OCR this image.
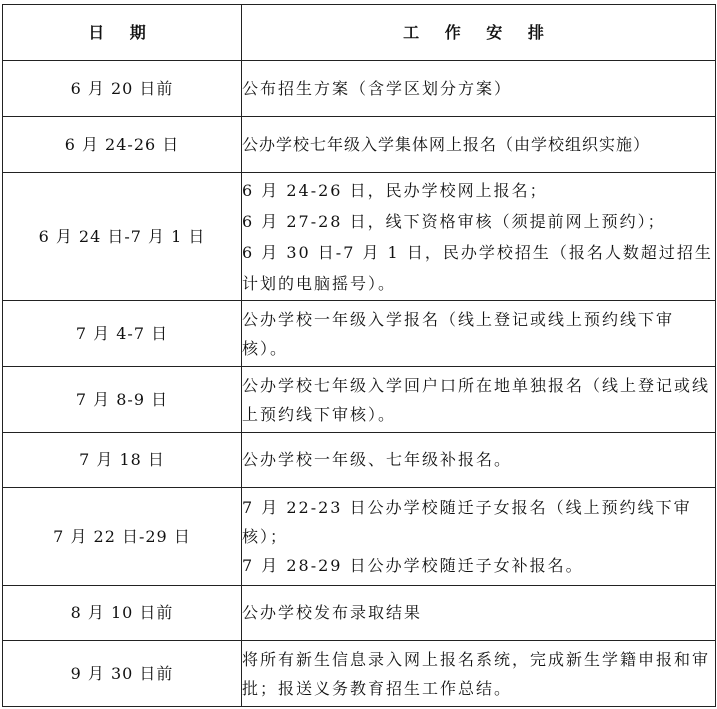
日 期	工 作 安 排
6 月 20 日前	公布招生方案（含学区划分方案）

6 月 24-26 日	公办学校七年级入学集体网上报名（由学校组织实施）

6 月 24 日-7 月 1 日	6 月 24-26 日，民办学校网上报名；
6 月 27-28 日，线下资格审核（须提前网上预约）；
6 月 30 日-7 月 1 日，民办学校招生（报名人数超过招生计划的电脑摇号）。

7 月 4-7 日	公办学校一年级入学报名（线上登记或线上预约线下审核）。

7 月 8-9 日	公办学校七年级入学回户口所在地单独报名（线上登记或线上预约线下审核）。

7 月 18 日	公办学校一年级、七年级补报名。

7 月 22 日-29 日	7 月 22-23 日公办学校随迁子女报名（线上预约线下审核）；
7 月 28-29 日公办学校随迁子女补报名。

8 月 10 日前	公办学校发布录取结果

9 月 30 日前	将所有新生信息录入网上报名系统，完成新生学籍申报和审批；报送义务教育招生工作总结。
